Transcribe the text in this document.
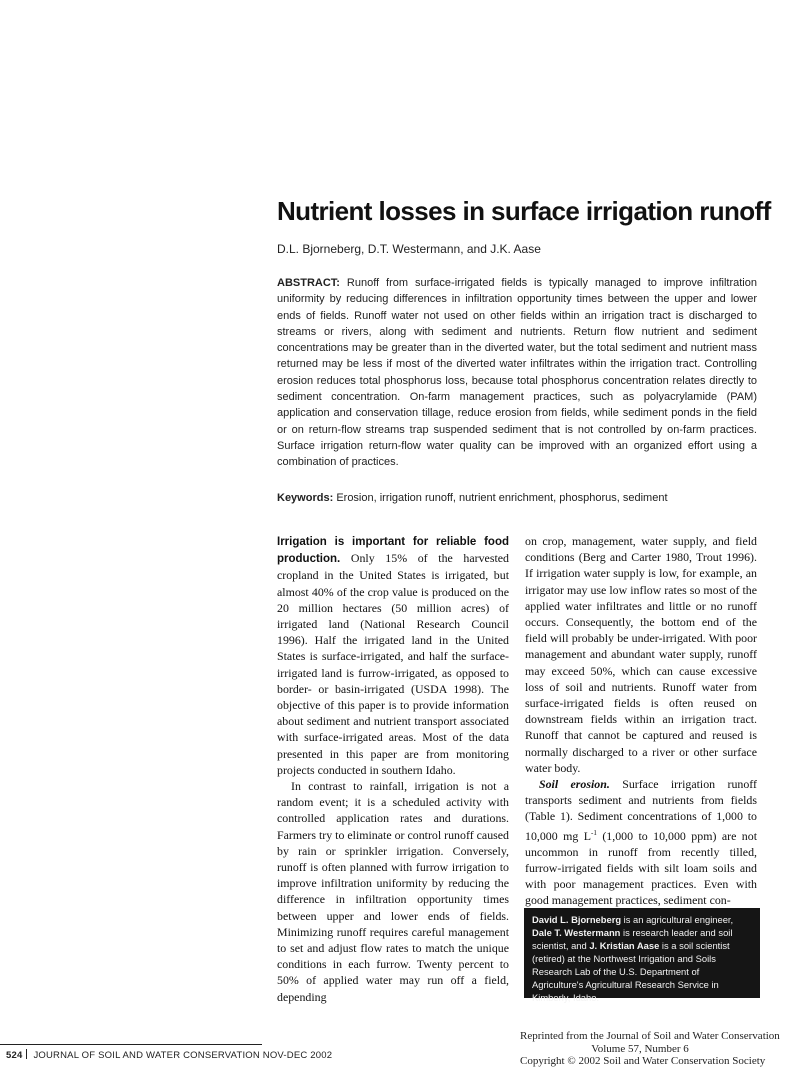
Nutrient losses in surface irrigation runoff
D.L. Bjorneberg, D.T. Westermann, and J.K. Aase
ABSTRACT: Runoff from surface-irrigated fields is typically managed to improve infiltration uniformity by reducing differences in infiltration opportunity times between the upper and lower ends of fields. Runoff water not used on other fields within an irrigation tract is discharged to streams or rivers, along with sediment and nutrients. Return flow nutrient and sediment concentrations may be greater than in the diverted water, but the total sediment and nutrient mass returned may be less if most of the diverted water infiltrates within the irrigation tract. Controlling erosion reduces total phosphorus loss, because total phosphorus concentration relates directly to sediment concentration. On-farm management practices, such as polyacrylamide (PAM) application and conservation tillage, reduce erosion from fields, while sediment ponds in the field or on return-flow streams trap suspended sediment that is not controlled by on-farm practices. Surface irrigation return-flow water quality can be improved with an organized effort using a combination of practices.
Keywords: Erosion, irrigation runoff, nutrient enrichment, phosphorus, sediment

Irrigation is important for reliable food production. Only 15% of the harvested cropland in the United States is irrigated, but almost 40% of the crop value is produced on the 20 million hectares (50 million acres) of irrigated land (National Research Council 1996). Half the irrigated land in the United States is surface-irrigated, and half the surface-irrigated land is furrow-irrigated, as opposed to border- or basin-irrigated (USDA 1998). The objective of this paper is to provide information about sediment and nutrient transport associated with surface-irrigated areas. Most of the data presented in this paper are from monitoring projects conducted in southern Idaho.

In contrast to rainfall, irrigation is not a random event; it is a scheduled activity with controlled application rates and durations. Farmers try to eliminate or control runoff caused by rain or sprinkler irrigation. Conversely, runoff is often planned with furrow irrigation to improve infiltration uniformity by reducing the difference in infiltration opportunity times between upper and lower ends of fields. Minimizing runoff requires careful management to set and adjust flow rates to match the unique conditions in each furrow. Twenty percent to 50% of applied water may run off a field, depending

on crop, management, water supply, and field conditions (Berg and Carter 1980, Trout 1996). If irrigation water supply is low, for example, an irrigator may use low inflow rates so most of the applied water infiltrates and little or no runoff occurs. Consequently, the bottom end of the field will probably be under-irrigated. With poor management and abundant water supply, runoff may exceed 50%, which can cause excessive loss of soil and nutrients. Runoff water from surface-irrigated fields is often reused on downstream fields within an irrigation tract. Runoff that cannot be captured and reused is normally discharged to a river or other surface water body.

Soil erosion. Surface irrigation runoff transports sediment and nutrients from fields (Table 1). Sediment concentrations of 1,000 to 10,000 mg $L^{-1}$ (1,000 to 10,000 ppm) are not uncommon in runoff from recently tilled, furrow-irrigated fields with silt loam soils and with poor management practices. Even with good management practices, sediment con-

David L. Bjorneberg is an agricultural engineer, Dale T. Westermann is research leader and soil scientist, and J. Kristian Aase is a soil scientist (retired) at the Northwest Irrigation and Soils Research Lab of the U.S. Department of Agriculture's Agricultural Research Service in Kimberly, Idaho.
Reprinted from the Journal of Soil and Water Conservation
Volume 57, Number 6
Copyright © 2002 Soil and Water Conservation Society
524 JOURNAL OF SOIL AND WATER CONSERVATION NOV-DEC 2002
